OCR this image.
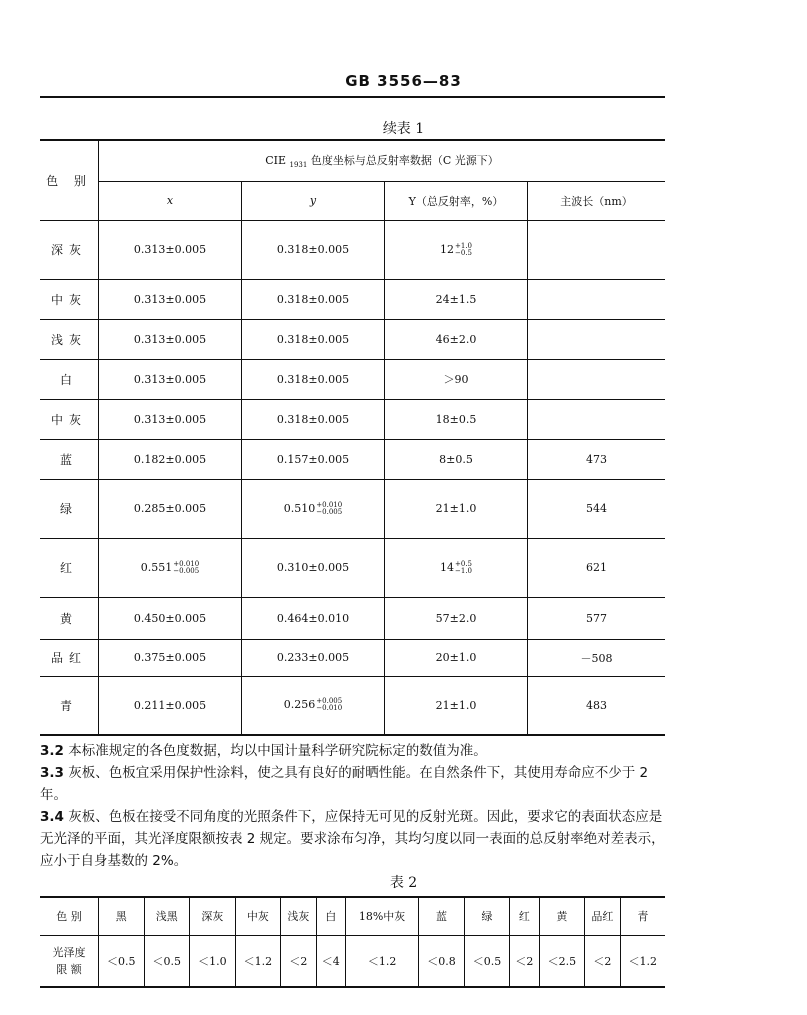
GB 3556—83
续表 1
色 别	CIE $_{1931}$ 色度坐标与总反射率数据（C 光源下）			
	x	y	Y（总反射率，%）	主波长（nm）
深灰	0.313±0.005	0.318±0.005	12 +1.0
−0.5	

中灰	0.313±0.005	0.318±0.005	24±1.5	
浅灰	0.313±0.005	0.318±0.005	46±2.0	
白	0.313±0.005	0.318±0.005	＞90	
中灰	0.313±0.005	0.318±0.005	18±0.5	
蓝	0.182±0.005	0.157±0.005	8±0.5	473
绿	0.285±0.005	0.510 +0.010
−0.005	21±1.0	544
红	0.551 +0.010
−0.005	0.310±0.005	14 +0.5
−1.0	621
黄	0.450±0.005	0.464±0.010	57±2.0	577
品红	0.375±0.005	0.233±0.005	20±1.0	－508
青	0.211±0.005	0.256 +0.005
−0.010	21±1.0	483
3.2 本标准规定的各色度数据，均以中国计量科学研究院标定的数值为准。
3.3 灰板、色板宜采用保护性涂料，使之具有良好的耐晒性能。在自然条件下，其使用寿命应不少于 2 年。
3.4 灰板、色板在接受不同角度的光照条件下，应保持无可见的反射光斑。因此，要求它的表面状态应是无光泽的平面，其光泽度限额按表 2 规定。要求涂布匀净，其均匀度以同一表面的总反射率绝对差表示，应小于自身基数的 2%。
表 2
色 别	黑	浅黑	深灰	中灰	浅灰	白	18%中灰	蓝	绿	红	黄	品红	青
光泽度
限 额	＜0.5	＜0.5	＜1.0	＜1.2	＜2	＜4	＜1.2	＜0.8	＜0.5	＜2	＜2.5	＜2	＜1.2
